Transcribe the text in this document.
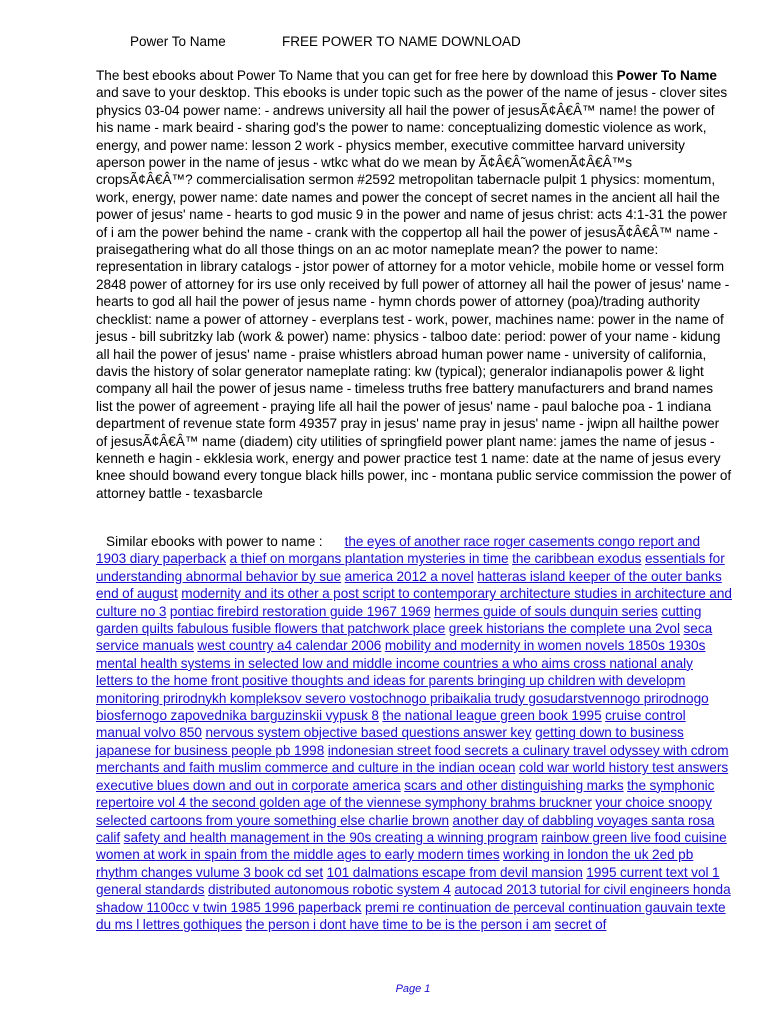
Power To Name	FREE POWER TO NAME DOWNLOAD
The best ebooks about Power To Name that you can get for free here by download this Power To Name and save to your desktop. This ebooks is under topic such as the power of the name of jesus - clover sites physics 03-04 power name: - andrews university all hail the power of jesusÃ¢Â€Â™ name! the power of his name - mark beaird - sharing god's the power to name: conceptualizing domestic violence as work, energy, and power name: lesson 2 work - physics member, executive committee harvard university aperson power in the name of jesus - wtkc what do we mean by Ã¢Â€Â˜womenÃ¢Â€Â™s cropsÃ¢Â€Â™? commercialisation sermon #2592 metropolitan tabernacle pulpit 1 physics: momentum, work, energy, power name: date names and power the concept of secret names in the ancient all hail the power of jesus' name - hearts to god music 9 in the power and name of jesus christ: acts 4:1-31 the power of i am the power behind the name - crank with the coppertop all hail the power of jesusÃ¢Â€Â™ name - praisegathering what do all those things on an ac motor nameplate mean? the power to name: representation in library catalogs - jstor power of attorney for a motor vehicle, mobile home or vessel form 2848 power of attorney for irs use only received by full power of attorney all hail the power of jesus' name - hearts to god all hail the power of jesus name - hymn chords power of attorney (poa)/trading authority checklist: name a power of attorney - everplans test - work, power, machines name: power in the name of jesus - bill subritzky lab (work & power) name: physics - talboo date: period: power of your name - kidung all hail the power of jesus' name - praise whistlers abroad human power name - university of california, davis the history of solar generator nameplate rating: kw (typical); generalor indianapolis power & light company all hail the power of jesus name - timeless truths free battery manufacturers and brand names list the power of agreement - praying life all hail the power of jesus' name - paul baloche poa - 1 indiana department of revenue state form 49357 pray in jesus' name pray in jesus' name - jwipn all hailthe power of jesusÃ¢Â€Â™ name (diadem) city utilities of springfield power plant name: james the name of jesus - kenneth e hagin - ekklesia work, energy and power practice test 1 name: date at the name of jesus every knee should bowand every tongue black hills power, inc - montana public service commission the power of attorney battle - texasbarcle
Similar ebooks with power to name : the eyes of another race roger casements congo report and 1903 diary paperback a thief on morgans plantation mysteries in time the caribbean exodus essentials for understanding abnormal behavior by sue america 2012 a novel hatteras island keeper of the outer banks end of august modernity and its other a post script to contemporary architecture studies in architecture and culture no 3 pontiac firebird restoration guide 1967 1969 hermes guide of souls dunquin series cutting garden quilts fabulous fusible flowers that patchwork place greek historians the complete una 2vol seca service manuals west country a4 calendar 2006 mobility and modernity in women novels 1850s 1930s mental health systems in selected low and middle income countries a who aims cross national analy letters to the home front positive thoughts and ideas for parents bringing up children with developm monitoring prirodnykh kompleksov severo vostochnogo pribaikalia trudy gosudarstvennogo prirodnogo biosfernogo zapovednika barguzinskii vypusk 8 the national league green book 1995 cruise control manual volvo 850 nervous system objective based questions answer key getting down to business japanese for business people pb 1998 indonesian street food secrets a culinary travel odyssey with cdrom merchants and faith muslim commerce and culture in the indian ocean cold war world history test answers executive blues down and out in corporate america scars and other distinguishing marks the symphonic repertoire vol 4 the second golden age of the viennese symphony brahms bruckner your choice snoopy selected cartoons from youre something else charlie brown another day of dabbling voyages santa rosa calif safety and health management in the 90s creating a winning program rainbow green live food cuisine women at work in spain from the middle ages to early modern times working in london the uk 2ed pb rhythm changes vulume 3 book cd set 101 dalmations escape from devil mansion 1995 current text vol 1 general standards distributed autonomous robotic system 4 autocad 2013 tutorial for civil engineers honda shadow 1100cc v twin 1985 1996 paperback premi re continuation de perceval continuation gauvain texte du ms l lettres gothiques the person i dont have time to be is the person i am secret of
Page 1
